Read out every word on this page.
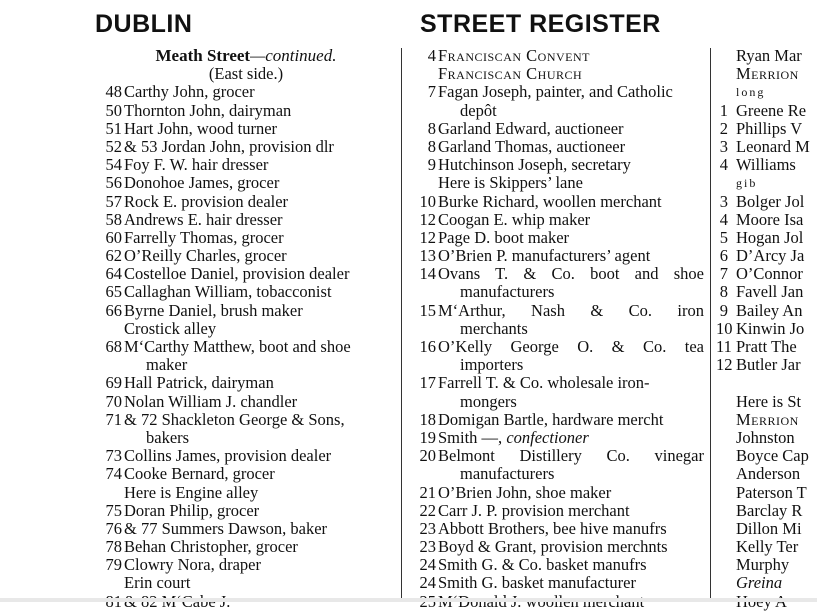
DUBLIN	STREET REGISTER
Meath Street—continued.
(East side.)
48 Carthy John, grocer
50 Thornton John, dairyman
51 Hart John, wood turner
52 & 53 Jordan John, provision dlr
54 Foy F. W. hair dresser
56 Donohoe James, grocer
57 Rock E. provision dealer
58 Andrews E. hair dresser
60 Farrelly Thomas, grocer
62 O’Reilly Charles, grocer
64 Costelloe Daniel, provision dealer
65 Callaghan William, tobacconist
66 Byrne Daniel, brush maker
Crostick alley
68 M‘Carthy Matthew, boot and shoe
maker
69 Hall Patrick, dairyman
70 Nolan William J. chandler
71 & 72 Shackleton George & Sons,
bakers
73 Collins James, provision dealer
74 Cooke Bernard, grocer
Here is Engine alley
75 Doran Philip, grocer
76 & 77 Summers Dawson, baker
78 Behan Christopher, grocer
79 Clowry Nora, draper
Erin court
4 Franciscan Convent
Franciscan Church
7 Fagan Joseph, painter, and Catholic
depôt
8 Garland Edward, auctioneer
8 Garland Thomas, auctioneer
9 Hutchinson Joseph, secretary
Here is Skippers’ lane
10 Burke Richard, woollen merchant
12 Coogan E. whip maker
12 Page D. boot maker
13 O’Brien P. manufacturers’ agent
14 Ovans T. & Co. boot and shoe
manufacturers
15 M‘Arthur, Nash & Co. iron
merchants
16 O’Kelly George O. & Co. tea
importers
17 Farrell T. & Co. wholesale iron-
mongers
18 Domigan Bartle, hardware mercht
19 Smith —, confectioner
20 Belmont Distillery Co. vinegar
manufacturers
21 O’Brien John, shoe maker
22 Carr J. P. provision merchant
23 Abbott Brothers, bee hive manufrs
23 Boyd & Grant, provision merchnts
24 Smith G. & Co. basket manufrs
24 Smith G. basket manufacturer
Ryan Mar
Merrion
long
1 Greene Re
2 Phillips V
3 Leonard M
4 Williams
gib
3 Bolger Jol
4 Moore Isa
5 Hogan Jol
6 D’Arcy Ja
7 O’Connor
8 Favell Jan
9 Bailey An
10 Kinwin Jo
11 Pratt The
12 Butler Jar
Here is St
Merrion
Johnston
Boyce Cap
Anderson
Paterson T
Barclay R
Dillon Mi
Kelly Ter
Murphy
Greina
